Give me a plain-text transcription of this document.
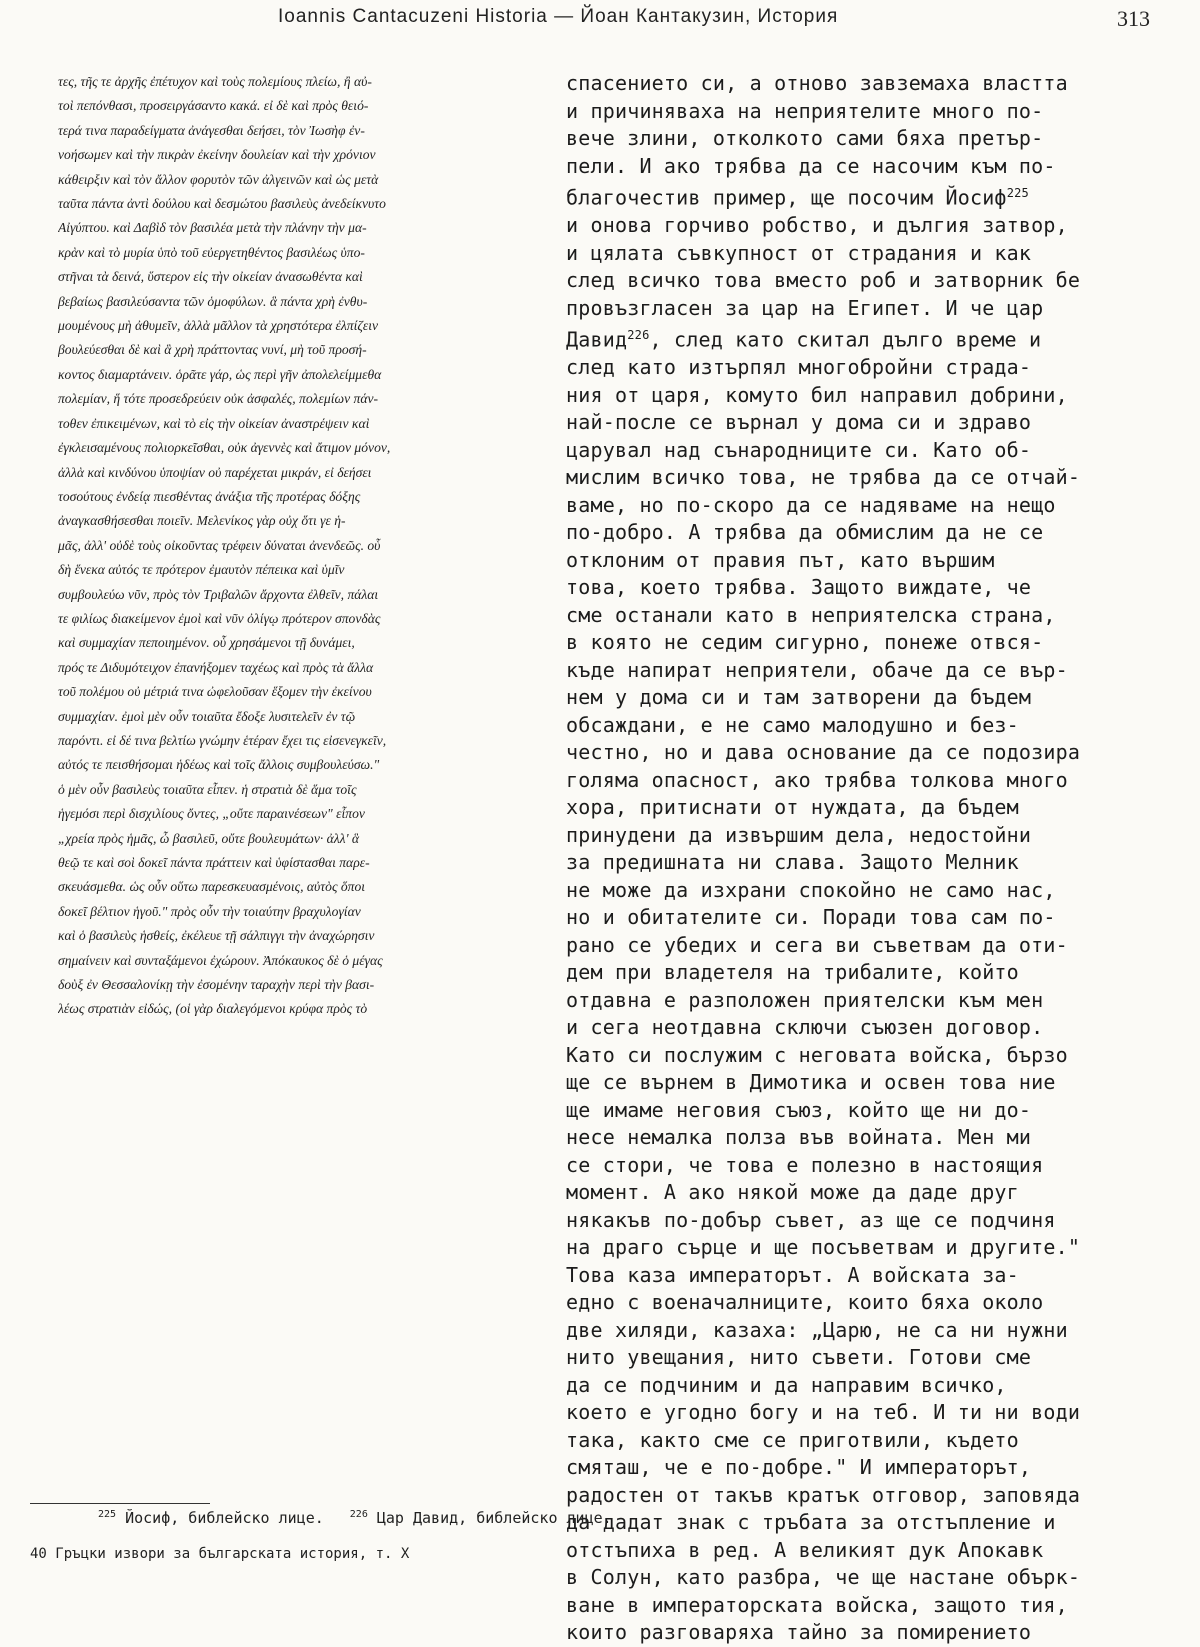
Ioannis Cantacuzeni Historia — Йоан Кантакузин, История	313
τες, τῆς τε ἀρχῆς ἐπέτυχον καὶ τοὺς πολεμίους πλείω, ἢ αὐ-
τοὶ πεπόνθασι, προσειργάσαντο κακά. εἰ δὲ καὶ πρὸς θειό-
τερά τινα παραδείγματα ἀνάγεσθαι δεήσει, τὸν Ἰωσὴφ ἐν-
νοήσωμεν καὶ τὴν πικρὰν ἐκείνην δουλείαν καὶ τὴν χρόνιον
κάθειρξιν καὶ τὸν ἄλλον φορυτὸν τῶν ἀλγεινῶν καὶ ὡς μετὰ
ταῦτα πάντα ἀντὶ δούλου καὶ δεσμώτου βασιλεὺς ἀνεδείκνυτο
Αἰγύπτου. καὶ Δαβὶδ τὸν βασιλέα μετὰ τὴν πλάνην τὴν μα-
κρὰν καὶ τὸ μυρία ὑπὸ τοῦ εὐεργετηθέντος βασιλέως ὑπο-
στῆναι τὰ δεινά, ὕστερον εἰς τὴν οἰκείαν ἀνασωθέντα καὶ
βεβαίως βασιλεύσαντα τῶν ὁμοφύλων. ἃ πάντα χρὴ ἐνθυ-
μουμένους μὴ ἀθυμεῖν, ἀλλὰ μᾶλλον τὰ χρηστότερα ἐλπίζειν
βουλεύεσθαι δὲ καὶ ἃ χρὴ πράττοντας νυνί, μὴ τοῦ προσή-
κοντος διαμαρτάνειν. ὁρᾶτε γάρ, ὡς περὶ γῆν ἀπολελείμμεθα
πολεμίαν, ἥ τότε προσεδρεύειν οὐκ ἀσφαλές, πολεμίων πάν-
τοθεν ἐπικειμένων, καὶ τὸ εἰς τὴν οἰκείαν ἀναστρέψειν καὶ
ἐγκλεισαμένους πολιορκεῖσθαι, οὐκ ἀγεννὲς καὶ ἄτιμον μόνον,
ἀλλὰ καὶ κινδύνου ὑποψίαν οὐ παρέχεται μικράν, εἰ δεήσει
τοσούτους ἐνδείᾳ πιεσθέντας ἀνάξια τῆς προτέρας δόξης
ἀναγκασθήσεσθαι ποιεῖν. Μελενίκος γὰρ οὐχ ὅτι γε ἡ-
μᾶς, ἀλλ' οὐδὲ τοὺς οἰκοῦντας τρέφειν δύναται ἀνενδεῶς. οὗ
δὴ ἕνεκα αὐτός τε πρότερον ἐμαυτὸν πέπεικα καὶ ὑμῖν
συμβουλεύω νῦν, πρὸς τὸν Τριβαλῶν ἄρχοντα ἐλθεῖν, πάλαι
τε φιλίως διακείμενον ἐμοὶ καὶ νῦν ὀλίγῳ πρότερον σπονδὰς
καὶ συμμαχίαν πεποιημένον. οὗ χρησάμενοι τῇ δυνάμει,
πρός τε Διδυμότειχον ἐπανήξομεν ταχέως καὶ πρὸς τὰ ἄλλα
τοῦ πολέμου οὐ μέτριά τινα ὠφελοῦσαν ἕξομεν τὴν ἐκείνου
συμμαχίαν. ἐμοὶ μὲν οὖν τοιαῦτα ἔδοξε λυσιτελεῖν ἐν τῷ
παρόντι. εἰ δέ τινα βελτίω γνώμην ἑτέραν ἔχει τις εἰσενεγκεῖν,
αὐτός τε πεισθήσομαι ἡδέως καὶ τοῖς ἄλλοις συμβουλεύσω."
ὁ μὲν οὖν βασιλεὺς τοιαῦτα εἶπεν. ἡ στρατιὰ δὲ ἅμα τοῖς
ἡγεμόσι περὶ δισχιλίους ὄντες, „οὔτε παραινέσεων" εἶπον
„χρεία πρὸς ἡμᾶς, ὦ βασιλεῦ, οὔτε βουλευμάτων· ἀλλ' ἃ
θεῷ τε καὶ σοὶ δοκεῖ πάντα πράττειν καὶ ὑφίστασθαι παρε-
σκευάσμεθα. ὡς οὖν οὕτω παρεσκευασμένοις, αὐτὸς ὅποι
δοκεῖ βέλτιον ἡγοῦ." πρὸς οὖν τὴν τοιαύτην βραχυλογίαν
καὶ ὁ βασιλεὺς ἡσθείς, ἐκέλευε τῇ σάλπιγγι τὴν ἀναχώρησιν
σημαίνειν καὶ συνταξάμενοι ἐχώρουν. Ἀπόκαυκος δὲ ὁ μέγας
δοὺξ ἐν Θεσσαλονίκῃ τὴν ἐσομένην ταραχὴν περὶ τὴν βασι-
λέως στρατιὰν εἰδώς, (οἱ γὰρ διαλεγόμενοι κρύφα πρὸς τὸ
спасението си, а отново завземаха властта
и причиняваха на неприятелите много по-
вече злини, отколкото сами бяха претър-
пели. И ако трябва да се насочим към по-
благочестив пример, ще посочим Йосиф$^{225}$
и онова горчиво робство, и дългия затвор,
и цялата съвкупност от страдания и как
след всичко това вместо роб и затворник бе
провъзгласен за цар на Египет. И че цар
Давид$^{226}$, след като скитал дълго време и
след като изтърпял многобройни страда-
ния от царя, комуто бил направил добрини,
най-после се върнал у дома си и здраво
царувал над сънародниците си. Като об-
мислим всичко това, не трябва да се отчай-
ваме, но по-скоро да се надяваме на нещо
по-добро. А трябва да обмислим да не се
отклоним от правия път, като вършим
това, което трябва. Защото виждате, че
сме останали като в неприятелска страна,
в която не седим сигурно, понеже отвся-
къде напират неприятели, обаче да се вър-
нем у дома си и там затворени да бъдем
обсаждани, е не само малодушно и без-
честно, но и дава основание да се подозира
голяма опасност, ако трябва толкова много
хора, притиснати от нуждата, да бъдем
принудени да извършим дела, недостойни
за предишната ни слава. Защото Мелник
не може да изхрани спокойно не само нас,
но и обитателите си. Поради това сам по-
рано се убедих и сега ви съветвам да оти-
дем при владетеля на трибалите, който
отдавна е разположен приятелски към мен
и сега неотдавна сключи съюзен договор.
Като си послужим с неговата войска, бързо
ще се върнем в Димотика и освен това ние
ще имаме неговия съюз, който ще ни до-
несе немалка полза във войната. Мен ми
се стори, че това е полезно в настоящия
момент. А ако някой може да даде друг
някакъв по-добър съвет, аз ще се подчиня
на драго сърце и ще посъветвам и другите."
Това каза императорът. А войската за-
едно с военачалниците, които бяха около
две хиляди, казаха: „Царю, не са ни нужни
нито увещания, нито съвети. Готови сме
да се подчиним и да направим всичко,
което е угодно богу и на теб. И ти ни води
така, както сме се приготвили, където
смяташ, че е по-добре." И императорът,
радостен от такъв кратък отговор, заповяда
да дадат знак с тръбата за отстъпление и
отстъпиха в ред. А великият дук Апокавк
в Солун, като разбра, че ще настане обърк-
ване в императорската войска, защото тия,
които разговаряха тайно за помирението
$^{225}$ Йосиф, библейско лице.	$^{226}$ Цар Давид, библейско лице.
40 Гръцки извори за българската история, т. X
